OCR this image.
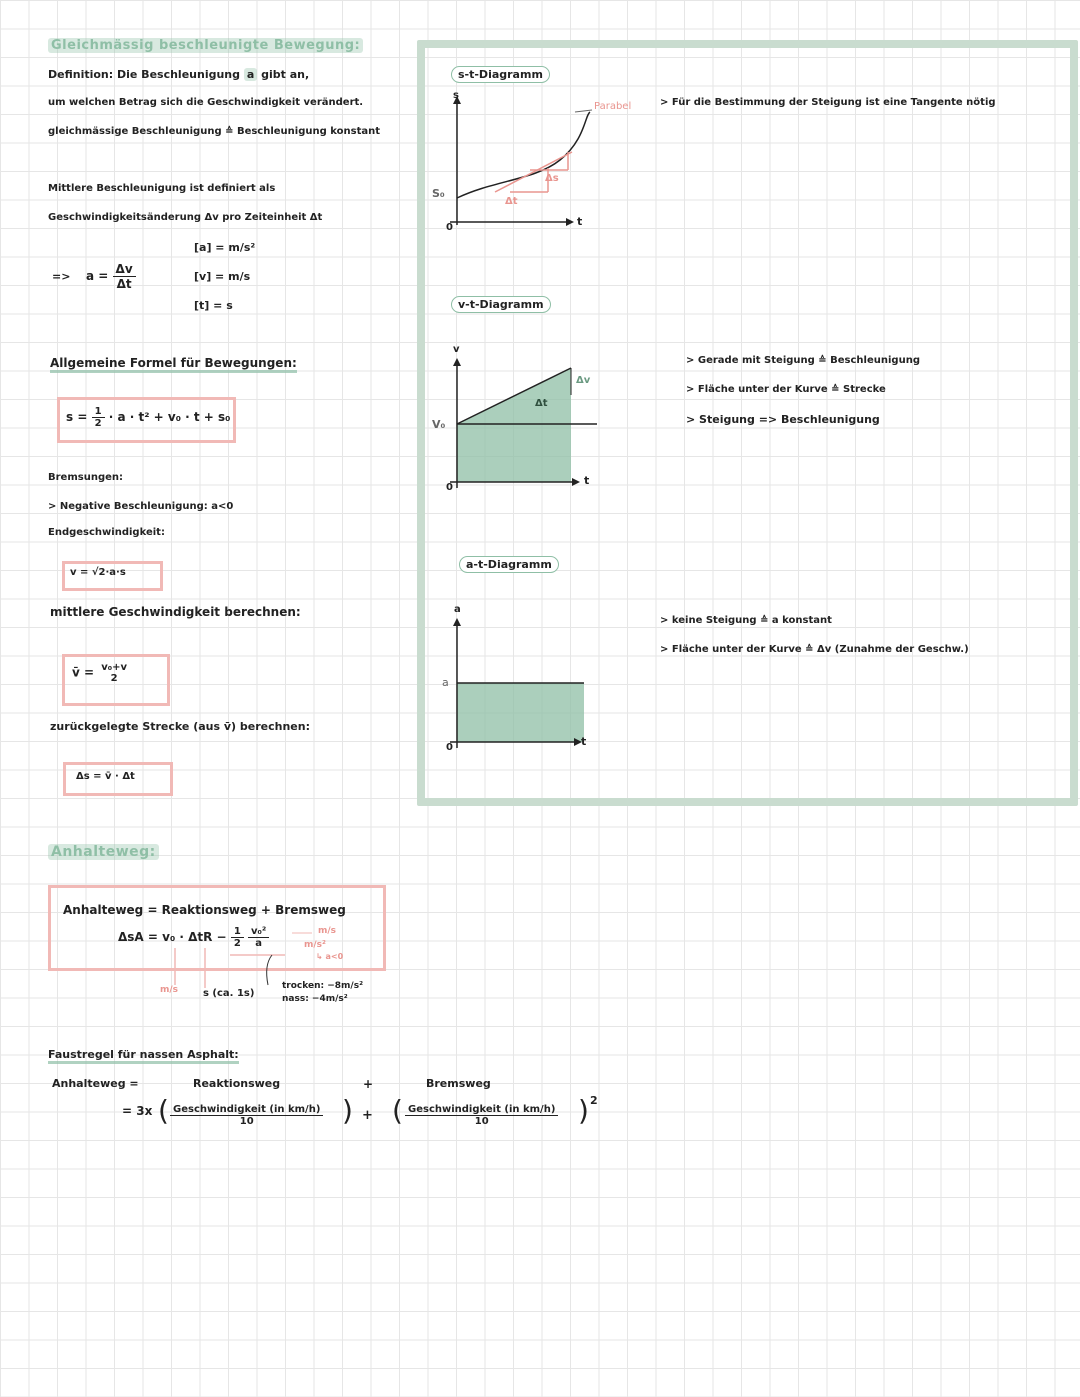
Gleichmässig beschleunigte Bewegung:
Definition: Die Beschleunigung a gibt an,
um welchen Betrag sich die Geschwindigkeit verändert.
gleichmässige Beschleunigung ≙ Beschleunigung konstant
Mittlere Beschleunigung ist definiert als
Geschwindigkeitsänderung Δv pro Zeiteinheit Δt
[a] = m/s²
[v] = m/s
[t] = s
=> $a = \frac{\Delta v}{\Delta t}$
Allgemeine Formel für Bewegungen:
$s = \frac{1}{2} \cdot a \cdot t^2 + v_0 \cdot t + s_0$
Bremsungen:
> Negative Beschleunigung: a<0
Endgeschwindigkeit:
v = √2·a·s
mittlere Geschwindigkeit berechnen:
v̄ = v₀+v
2
zurückgelegte Strecke (aus v̄) berechnen:
Δs = v̄ · Δt
Anhalteweg:
Anhalteweg = Reaktionsweg + Bremsweg
$\Delta sA = v_0 \cdot \Delta tR - \frac{1}{2}$
$\frac{\text{v₀²}}{a}$	m/s
m/s²
↳ a<0
m/s s (ca. 1s)
trocken: −8m/s²
nass: −4m/s²
Faustregel für nassen Asphalt:
Anhalteweg =	Reaktionsweg	+	Bremsweg
= 3x ( $\frac{\text{Geschwindigkeit (in km/h)}}{10}$ ) + ( $\frac{\text{Geschwindigkeit (in km/h)}}{10}$ ) 2
s-t-Diagramm
s
t
0
S₀
Δs
Δt
Parabel	> Für die Bestimmung der Steigung ist eine Tangente nötig
v-t-Diagramm
v
t
0
V₀
Δv
Δt
> Gerade mit Steigung ≙ Beschleunigung
> Fläche unter der Kurve ≙ Strecke
> Steigung => Beschleunigung
a-t-Diagramm
a
t
0
a
> keine Steigung ≙ a konstant
> Fläche unter der Kurve ≙ Δv (Zunahme der Geschw.)
